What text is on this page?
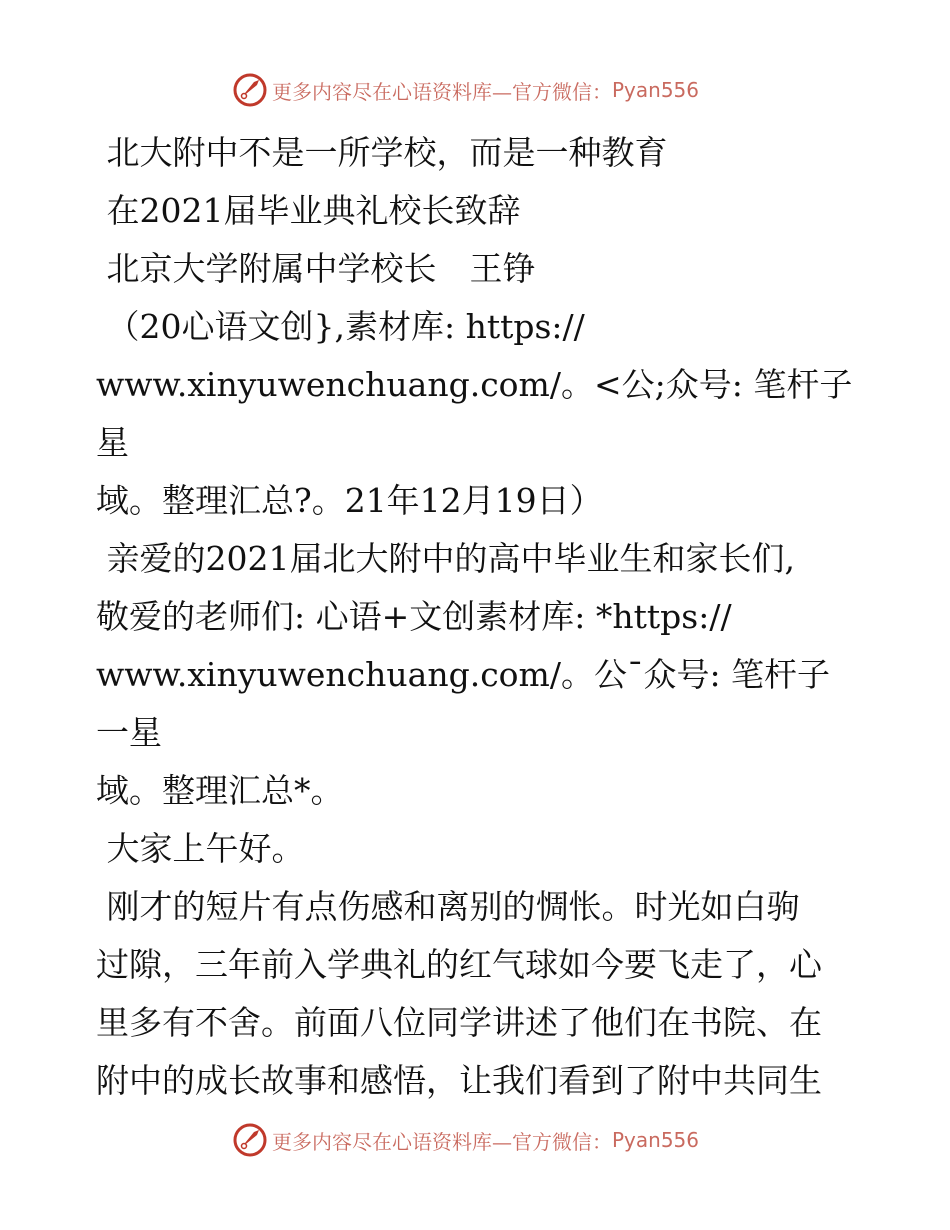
更多内容尽在心语资料库—官方微信： Pyan556

北大附中不是一所学校，而是一种教育

在2021届毕业典礼校长致辞

北京大学附属中学校长　王铮

（20心语文创},素材库: https://

www.xinyuwenchuang.com/。<公;众号: 笔杆子星

域。整理汇总?。21年12月19日）

亲爱的2021届北大附中的高中毕业生和家长们,

敬爱的老师们: 心语+文创素材库: *https://

www.xinyuwenchuang.com/。公¯众号: 笔杆子一星

域。整理汇总*。

大家上午好。

刚才的短片有点伤感和离别的惆怅。时光如白驹

过隙，三年前入学典礼的红气球如今要飞走了，心

里多有不舍。前面八位同学讲述了他们在书院、在

附中的成长故事和感悟，让我们看到了附中共同生

更多内容尽在心语资料库—官方微信： Pyan556
